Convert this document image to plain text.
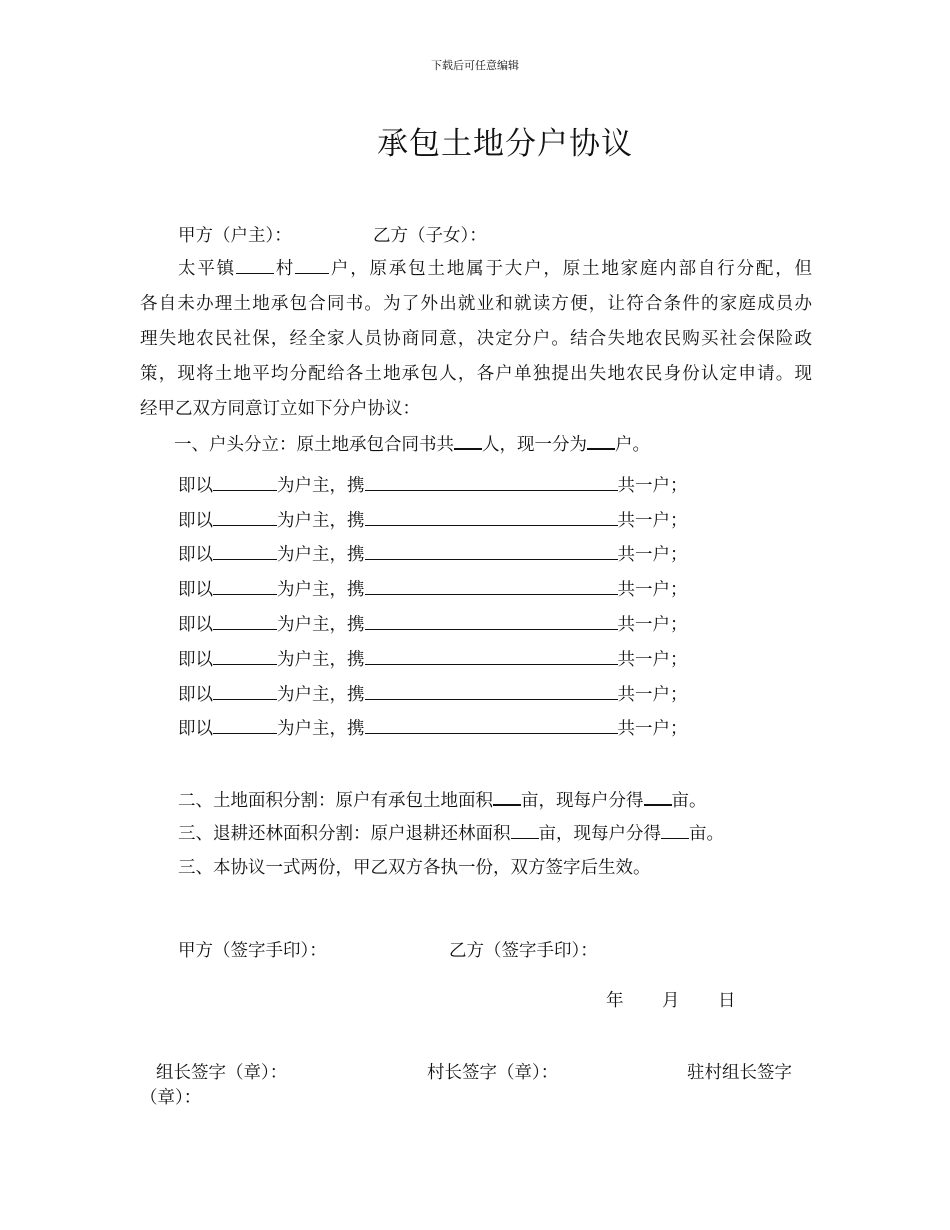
下载后可任意编辑
承包土地分户协议
甲方（户主）：	乙方（子女）：
太平镇 村 户，原承包土地属于大户，原土地家庭内部自行分配，但
各自未办理土地承包合同书。为了外出就业和就读方便，让符合条件的家庭成员办
理失地农民社保，经全家人员协商同意，决定分户。结合失地农民购买社会保险政
策，现将土地平均分配给各土地承包人，各户单独提出失地农民身份认定申请。现
经甲乙双方同意订立如下分户协议：
一、户头分立：原土地承包合同书共 人，现一分为 户。
即以	为户主，携	共一户；
即以	为户主，携	共一户；
即以	为户主，携	共一户；
即以	为户主，携	共一户；
即以	为户主，携	共一户；
即以	为户主，携	共一户；
即以	为户主，携	共一户；
即以	为户主，携	共一户；
二、土地面积分割：原户有承包土地面积 亩，现每户分得 亩。
三、退耕还林面积分割：原户退耕还林面积 亩，现每户分得 亩。
三、本协议一式两份，甲乙双方各执一份，双方签字后生效。
甲方（签字手印）：	乙方（签字手印）：
年 月 日
组长签字（章）：	村长签字（章）：	驻村组长签字
（章）：
